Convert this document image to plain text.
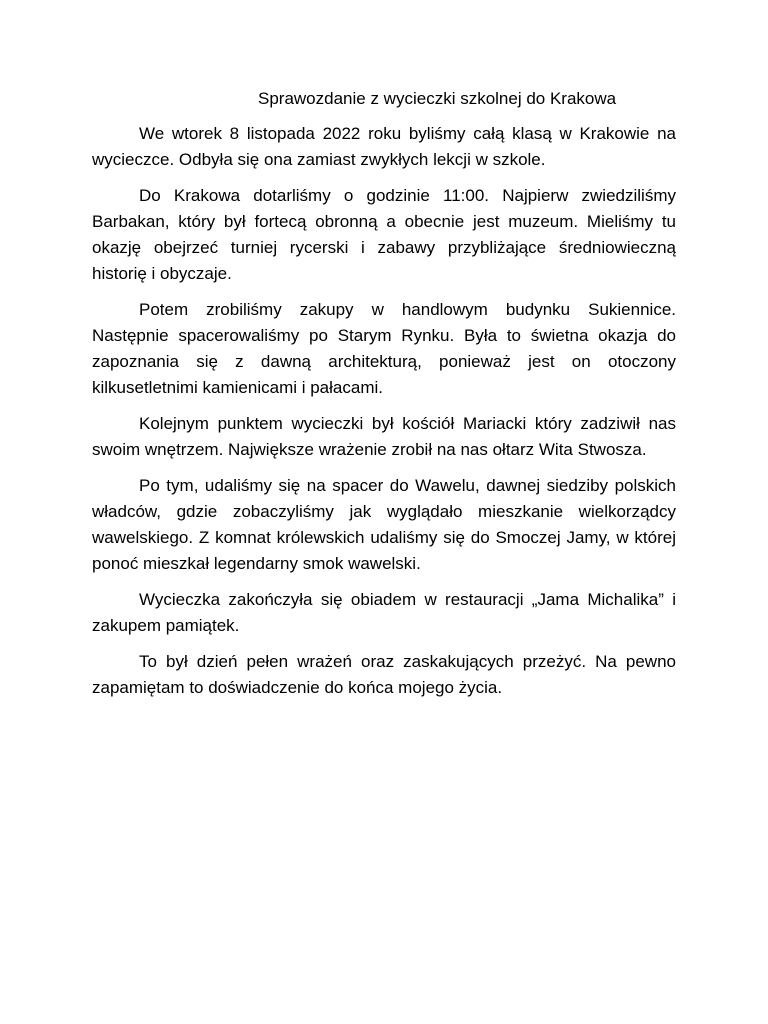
Sprawozdanie z wycieczki szkolnej do Krakowa

We wtorek 8 listopada 2022 roku byliśmy całą klasą w Krakowie na wycieczce. Odbyła się ona zamiast zwykłych lekcji w szkole.

Do Krakowa dotarliśmy o godzinie 11:00. Najpierw zwiedziliśmy Barbakan, który był fortecą obronną a obecnie jest muzeum. Mieliśmy tu okazję obejrzeć turniej rycerski i zabawy przybliżające średniowieczną historię i obyczaje.

Potem zrobiliśmy zakupy w handlowym budynku Sukiennice. Następnie spacerowaliśmy po Starym Rynku. Była to świetna okazja do zapoznania się z dawną architekturą, ponieważ jest on otoczony kilkusetletnimi kamienicami i pałacami.

Kolejnym punktem wycieczki był kościół Mariacki który zadziwił nas swoim wnętrzem. Największe wrażenie zrobił na nas ołtarz Wita Stwosza.

Po tym, udaliśmy się na spacer do Wawelu, dawnej siedziby polskich władców, gdzie zobaczyliśmy jak wyglądało mieszkanie wielkorządcy wawelskiego. Z komnat królewskich udaliśmy się do Smoczej Jamy, w której ponoć mieszkał legendarny smok wawelski.

Wycieczka zakończyła się obiadem w restauracji „Jama Michalika” i zakupem pamiątek.

To był dzień pełen wrażeń oraz zaskakujących przeżyć. Na pewno zapamiętam to doświadczenie do końca mojego życia.
